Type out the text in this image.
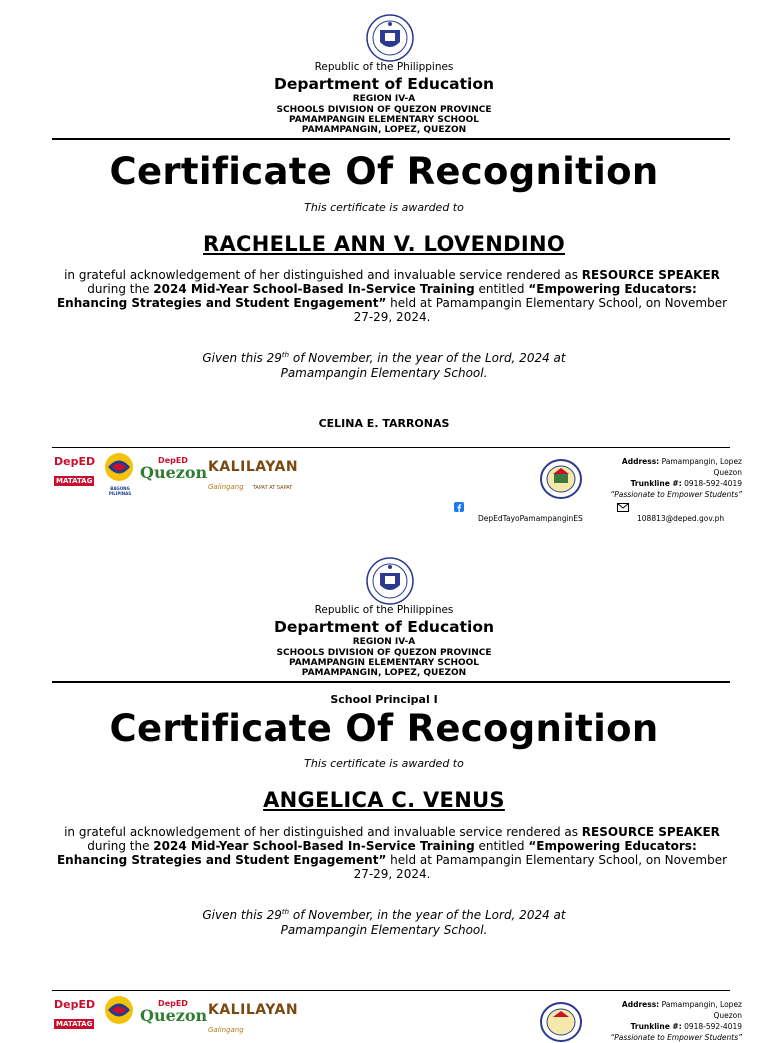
Republic of the Philippines
Department of Education
REGION IV-A
SCHOOLS DIVISION OF QUEZON PROVINCE
PAMAMPANGIN ELEMENTARY SCHOOL
PAMAMPANGIN, LOPEZ, QUEZON
Certificate Of Recognition
This certificate is awarded to
RACHELLE ANN V. LOVENDINO
in grateful acknowledgement of her distinguished and invaluable service rendered as RESOURCE SPEAKER
during the 2024 Mid-Year School-Based In-Service Training entitled “Empowering Educators: Enhancing Strategies and Student Engagement” held at Pamampangin Elementary School, on November 27-29, 2024.
Given this 29th of November, in the year of the Lord, 2024 at
Pamampangin Elementary School.
CELINA E. TARRONAS
DepED
MATATAG
BAGONG PILIPINAS
DepED
Quezon KALILAYAN
Galingang TAPAT AT SAPAT
Address: Pamampangin, Lopez Quezon
Trunkline #: 0918-592-4019
“Passionate to Empower Students”
DepEdTayoPamampanginES	108813@deped.gov.ph
Republic of the Philippines
Department of Education
REGION IV-A
SCHOOLS DIVISION OF QUEZON PROVINCE
PAMAMPANGIN ELEMENTARY SCHOOL
PAMAMPANGIN, LOPEZ, QUEZON
School Principal I
Certificate Of Recognition
This certificate is awarded to
ANGELICA C. VENUS
in grateful acknowledgement of her distinguished and invaluable service rendered as RESOURCE SPEAKER
during the 2024 Mid-Year School-Based In-Service Training entitled “Empowering Educators: Enhancing Strategies and Student Engagement” held at Pamampangin Elementary School, on November 27-29, 2024.
Given this 29th of November, in the year of the Lord, 2024 at
Pamampangin Elementary School.
DepED
MATATAG
DepED
Quezon KALILAYAN
Galingang
Address: Pamampangin, Lopez Quezon
Trunkline #: 0918-592-4019
“Passionate to Empower Students”
